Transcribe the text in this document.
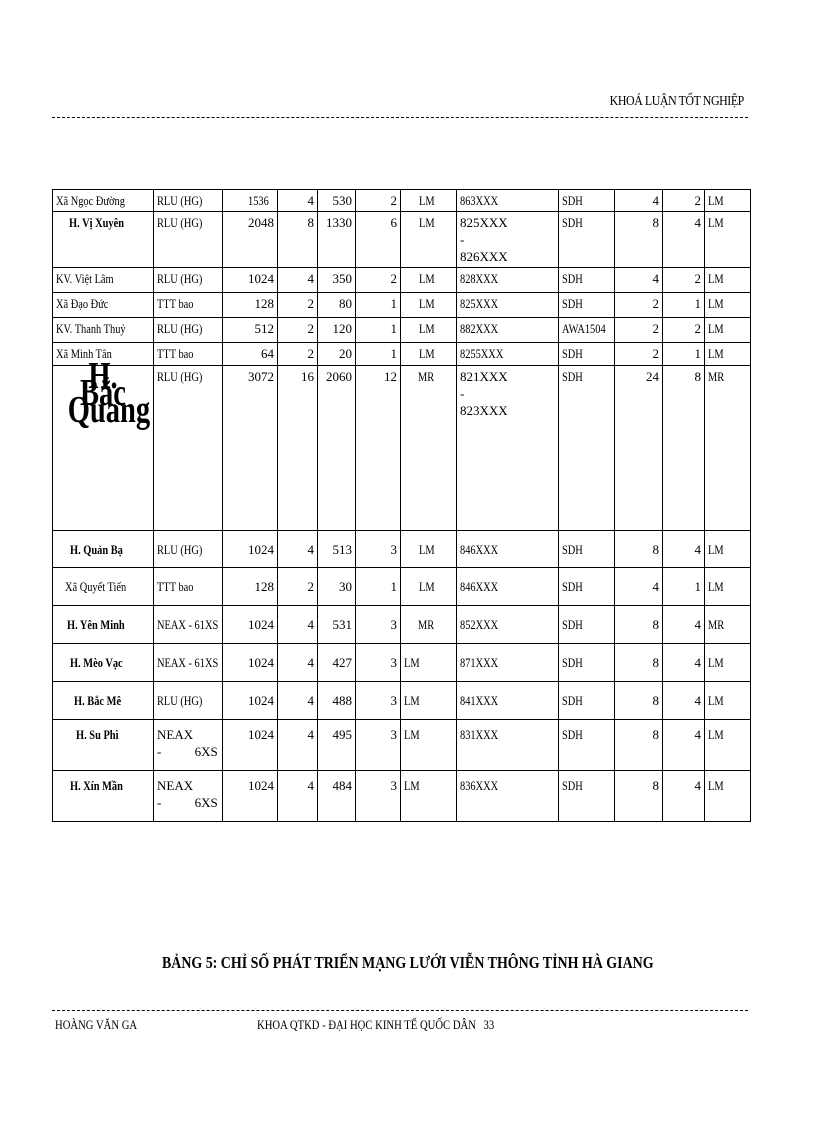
KHOÁ LUẬN TỐT NGHIỆP
Xã Ngọc Đường	RLU (HG)	1536	4	530	2	LM	863XXX	SDH	4	2	LM
H. Vị Xuyên	RLU (HG)	2048	8	1330	6	LM	825XXX - 826XXX	SDH	8	4	LM
KV. Việt Lâm	RLU (HG)	1024	4	350	2	LM	828XXX	SDH	4	2	LM
Xã Đạo Đức	TTT bao	128	2	80	1	LM	825XXX	SDH	2	1	LM
KV. Thanh Thuỷ	RLU (HG)	512	2	120	1	LM	882XXX	AWA1504	2	2	LM
Xã Minh Tân	TTT bao	64	2	20	1	LM	8255XXX	SDH	2	1	LM
H. Bắc Quang	RLU (HG)	3072	16	2060	12	MR	821XXX - 823XXX	SDH	24	8	MR
H. Quản Bạ	RLU (HG)	1024	4	513	3	LM	846XXX	SDH	8	4	LM
Xã Quyết Tiến	TTT bao	128	2	30	1	LM	846XXX	SDH	4	1	LM
H. Yên Minh	NEAX - 61XS	1024	4	531	3	MR	852XXX	SDH	8	4	MR
H. Mèo Vạc	NEAX - 61XS	1024	4	427	3	LM	871XXX	SDH	8	4	LM
H. Bắc Mê	RLU (HG)	1024	4	488	3	LM	841XXX	SDH	8	4	LM
H. Su Phì	NEAX - 6XS	1024	4	495	3	LM	831XXX	SDH	8	4	LM
H. Xín Mần	NEAX - 6XS	1024	4	484	3	LM	836XXX	SDH	8	4	LM
BẢNG 5: CHỈ SỐ PHÁT TRIỂN MẠNG LƯỚI VIỄN THÔNG TỈNH HÀ GIANG
HOÀNG VĂN GA	KHOA QTKD - ĐẠI HỌC KINH TẾ QUỐC DÂN 33
